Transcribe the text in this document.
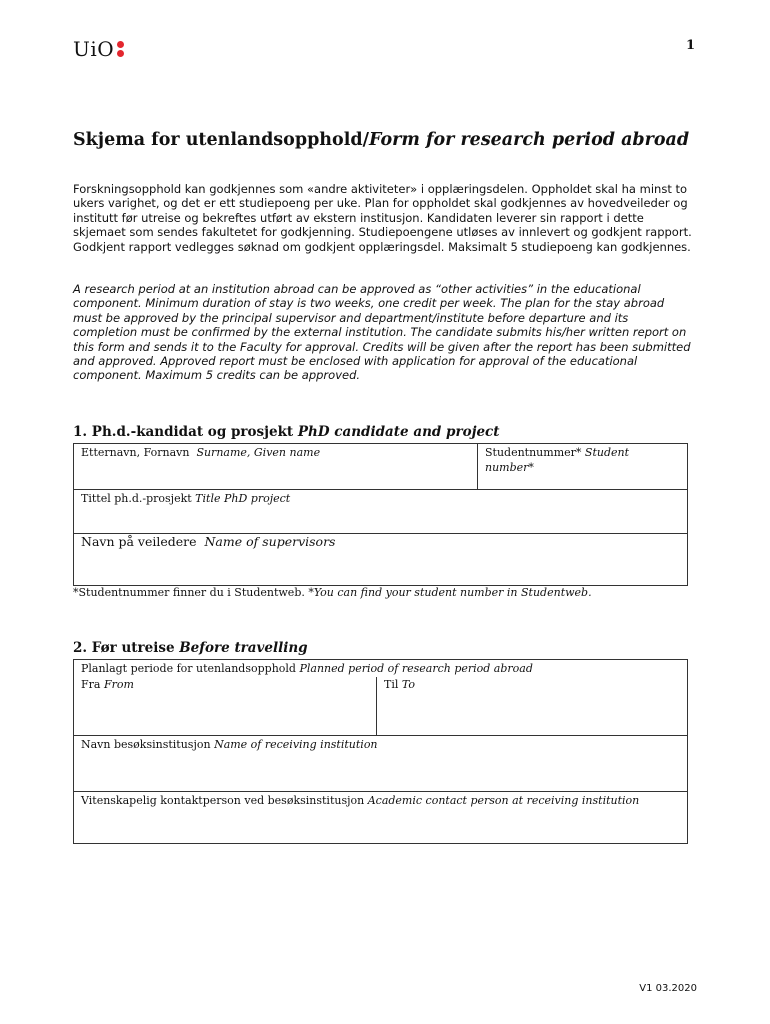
UiO	1
Skjema for utenlandsopphold/Form for research period abroad

Forskningsopphold kan godkjennes som «andre aktiviteter» i opplæringsdelen. Oppholdet skal ha minst to ukers varighet, og det er ett studiepoeng per uke. Plan for oppholdet skal godkjennes av hovedveileder og institutt før utreise og bekreftes utført av ekstern institusjon. Kandidaten leverer sin rapport i dette skjemaet som sendes fakultetet for godkjenning. Studiepoengene utløses av innlevert og godkjent rapport. Godkjent rapport vedlegges søknad om godkjent opplæringsdel. Maksimalt 5 studiepoeng kan godkjennes.

A research period at an institution abroad can be approved as “other activities” in the educational component. Minimum duration of stay is two weeks, one credit per week. The plan for the stay abroad must be approved by the principal supervisor and department/institute before departure and its completion must be confirmed by the external institution. The candidate submits his/her written report on this form and sends it to the Faculty for approval. Credits will be given after the report has been submitted and approved. Approved report must be enclosed with application for approval of the educational component. Maximum 5 credits can be approved.

1. Ph.d.-kandidat og prosjekt PhD candidate and project
Etternavn, Fornavn Surname, Given name	Studentnummer* Student number*
Tittel ph.d.-prosjekt Title PhD project
Navn på veiledere Name of supervisors
*Studentnummer finner du i Studentweb. *You can find your student number in Studentweb.
2. Før utreise Before travelling
Planlagt periode for utenlandsopphold Planned period of research period abroad
Fra From	Til To
Navn besøksinstitusjon Name of receiving institution
Vitenskapelig kontaktperson ved besøksinstitusjon Academic contact person at receiving institution
V1 03.2020
